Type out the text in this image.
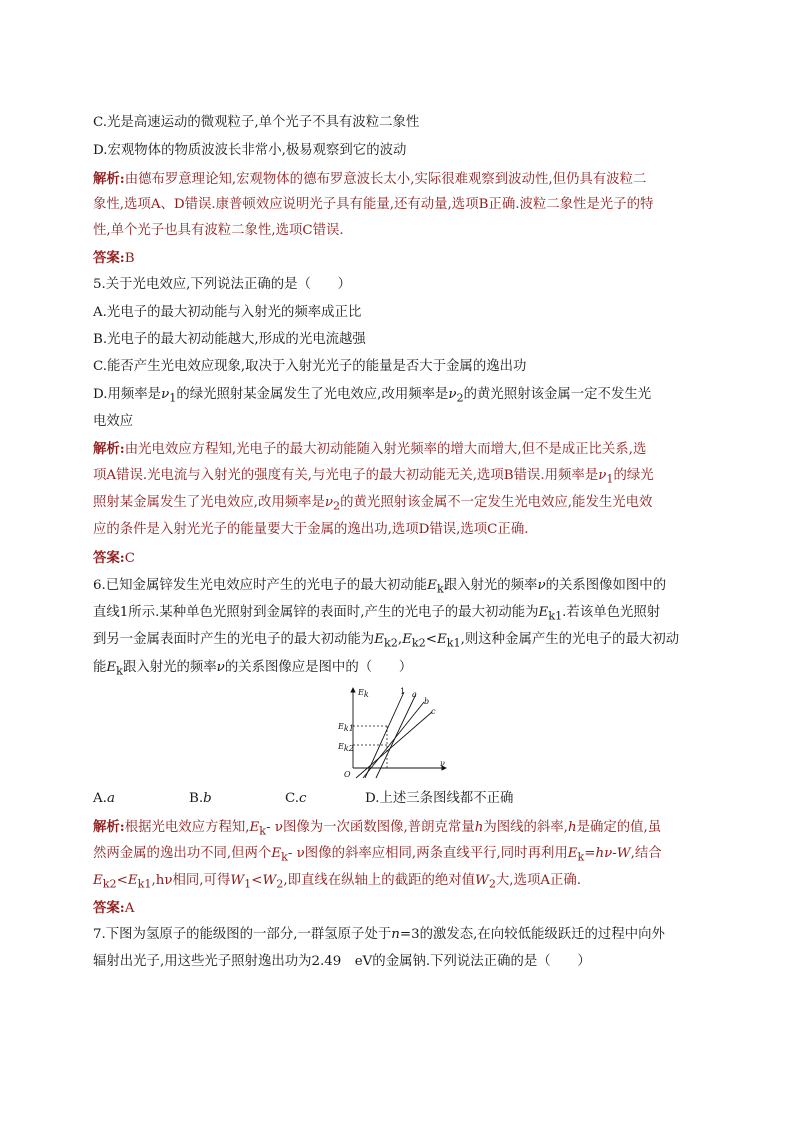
C.光是高速运动的微观粒子,单个光子不具有波粒二象性
D.宏观物体的物质波波长非常小,极易观察到它的波动
解析:由德布罗意理论知,宏观物体的德布罗意波长太小,实际很难观察到波动性,但仍具有波粒二
象性,选项A、D错误.康普顿效应说明光子具有能量,还有动量,选项B正确.波粒二象性是光子的特
性,单个光子也具有波粒二象性,选项C错误.
答案:B
5.关于光电效应,下列说法正确的是（　　）
A.光电子的最大初动能与入射光的频率成正比
B.光电子的最大初动能越大,形成的光电流越强
C.能否产生光电效应现象,取决于入射光光子的能量是否大于金属的逸出功
D.用频率是$\nu_1$的绿光照射某金属发生了光电效应,改用频率是$\nu_2$的黄光照射该金属一定不发生光
电效应
解析:由光电效应方程知,光电子的最大初动能随入射光频率的增大而增大,但不是成正比关系,选
项A错误.光电流与入射光的强度有关,与光电子的最大初动能无关,选项B错误.用频率是$\nu_1$的绿光
照射某金属发生了光电效应,改用频率是$\nu_2$的黄光照射该金属不一定发生光电效应,能发生光电效
应的条件是入射光光子的能量要大于金属的逸出功,选项D错误,选项C正确.
答案:C
6.已知金属锌发生光电效应时产生的光电子的最大初动能$E_k$跟入射光的频率ν的关系图像如图中的
直线1所示.某种单色光照射到金属锌的表面时,产生的光电子的最大初动能为$E_{k1}$.若该单色光照射
到另一金属表面时产生的光电子的最大初动能为$E_{k2},E_{k2}<E_{k1}$,则这种金属产生的光电子的最大初动
能$E_k$跟入射光的频率ν的关系图像应是图中的（　　）
Ek
ν
O
Ek1
Ek2
1 a
b
c
A.a	B.b	C.c	D.上述三条图线都不正确
解析:根据光电效应方程知$,E_k-$ ν图像为一次函数图像,普朗克常量h为图线的斜率,h是确定的值,虽
然两金属的逸出功不同,但两个$E_k-$ ν图像的斜率应相同,两条直线平行,同时再利用$E_k=h\nu-W$,结合
$E_{k2}<E_{k1},h\nu$相同,可得$W_1<W_2$,即直线在纵轴上的截距的绝对值$W_2$大,选项A正确.
答案:A
7.下图为氢原子的能级图的一部分,一群氢原子处于n=3的激发态,在向较低能级跃迁的过程中向外
辐射出光子,用这些光子照射逸出功为2.49　eV的金属钠.下列说法正确的是（　　）
